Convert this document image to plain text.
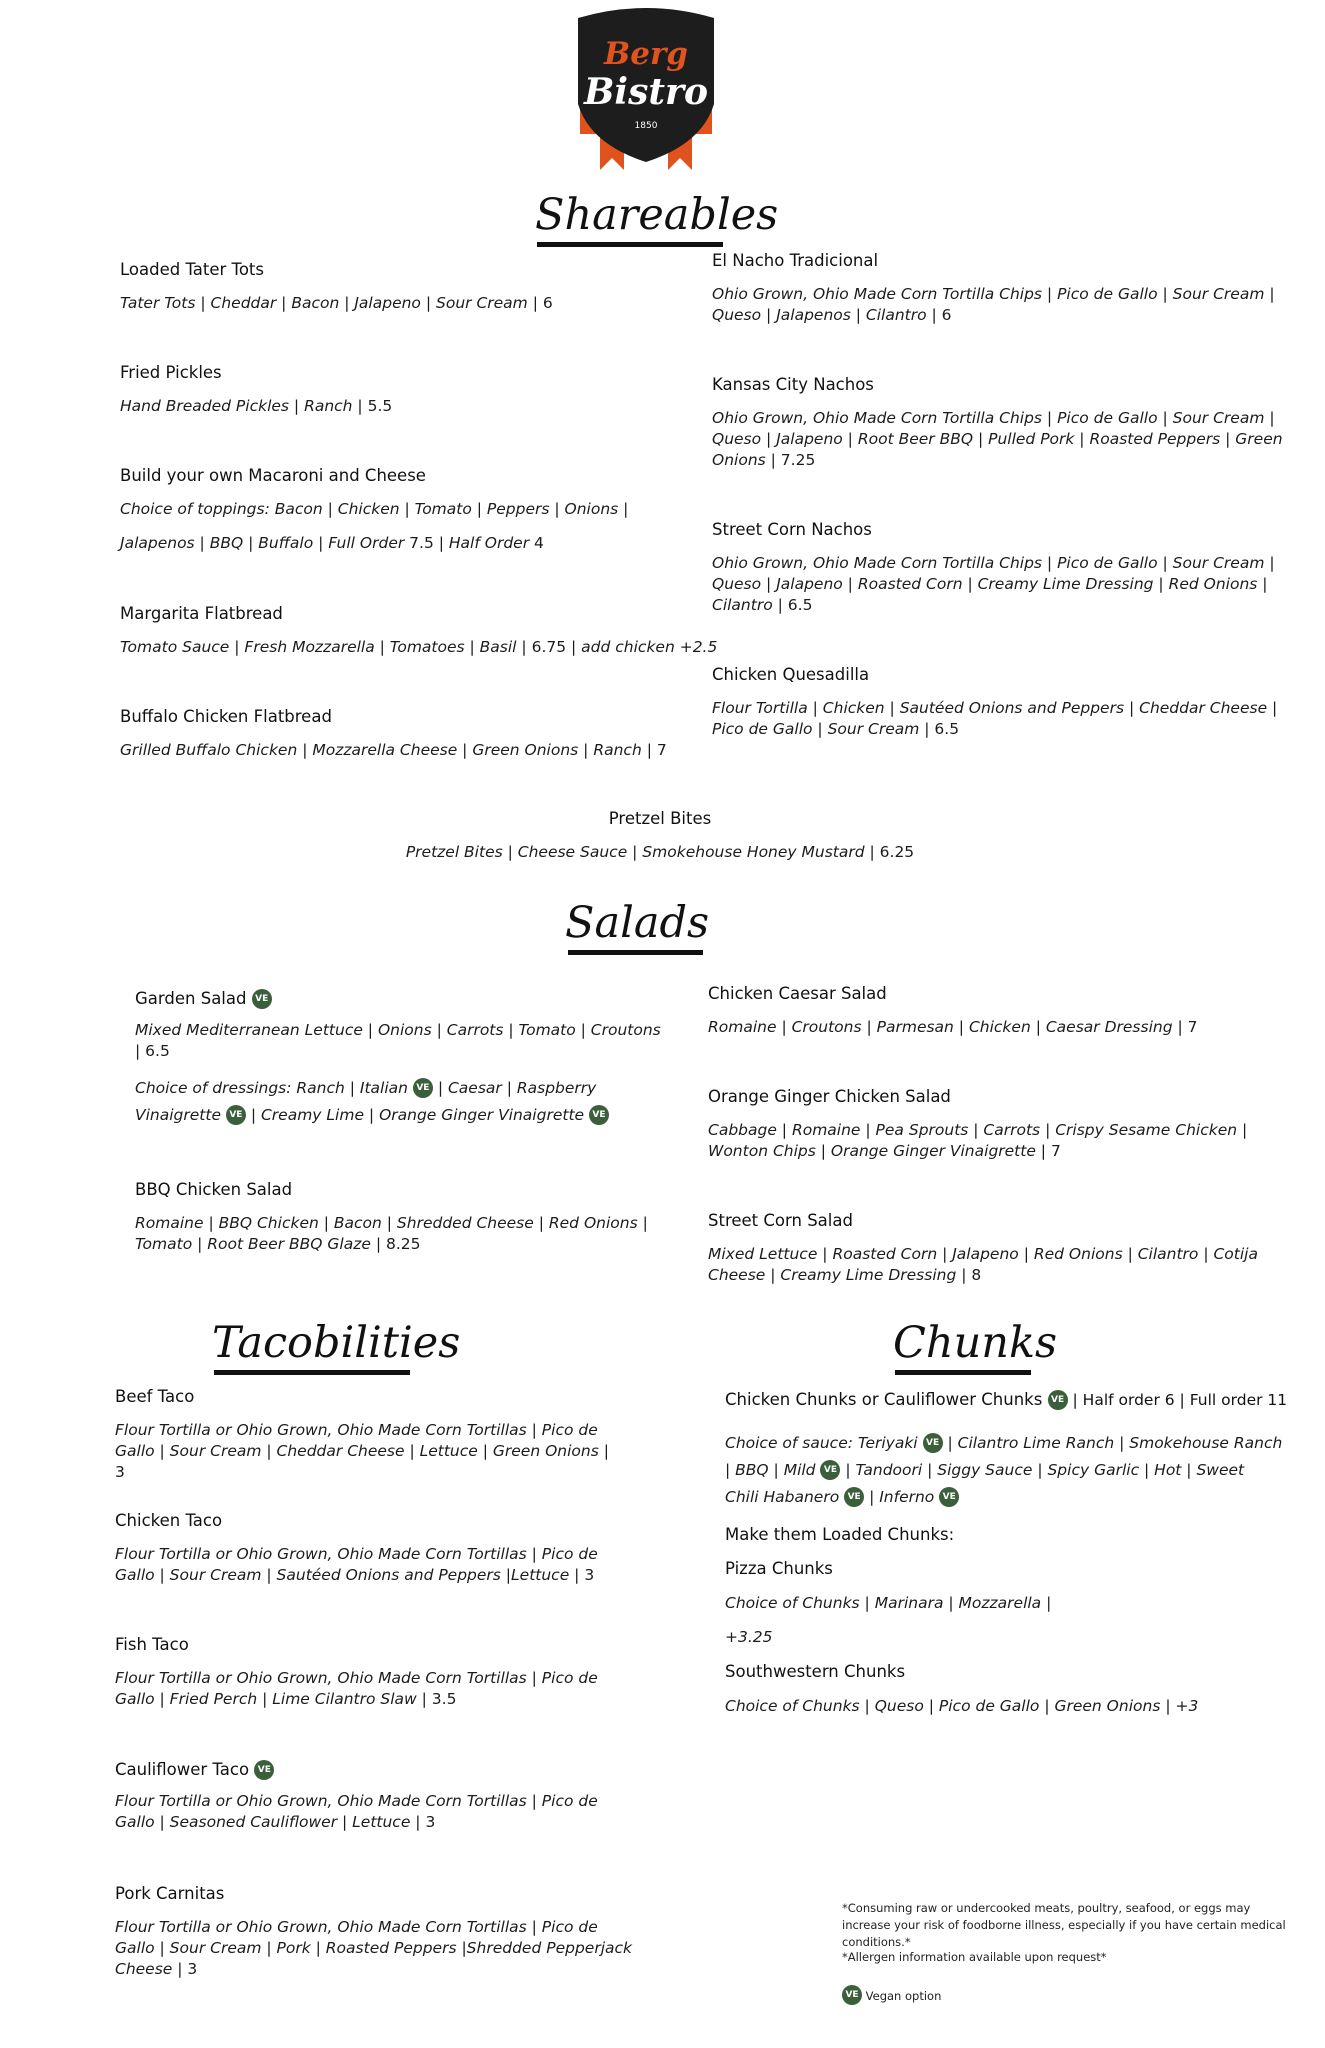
Berg
Bistro
1850
Shareables
Loaded Tater Tots
Tater Tots | Cheddar | Bacon | Jalapeno | Sour Cream | 6
Fried Pickles
Hand Breaded Pickles | Ranch | 5.5
Build your own Macaroni and Cheese
Choice of toppings: Bacon | Chicken | Tomato | Peppers | Onions |
Jalapenos | BBQ | Buffalo | Full Order 7.5 | Half Order 4
Margarita Flatbread
Tomato Sauce | Fresh Mozzarella | Tomatoes | Basil | 6.75 | add chicken +2.5
Buffalo Chicken Flatbread
Grilled Buffalo Chicken | Mozzarella Cheese | Green Onions | Ranch | 7
El Nacho Tradicional
Ohio Grown, Ohio Made Corn Tortilla Chips | Pico de Gallo | Sour Cream | Queso | Jalapenos | Cilantro | 6
Kansas City Nachos
Ohio Grown, Ohio Made Corn Tortilla Chips | Pico de Gallo | Sour Cream | Queso | Jalapeno | Root Beer BBQ | Pulled Pork | Roasted Peppers | Green Onions | 7.25
Street Corn Nachos
Ohio Grown, Ohio Made Corn Tortilla Chips | Pico de Gallo | Sour Cream | Queso | Jalapeno | Roasted Corn | Creamy Lime Dressing | Red Onions | Cilantro | 6.5
Chicken Quesadilla
Flour Tortilla | Chicken | Sautéed Onions and Peppers | Cheddar Cheese | Pico de Gallo | Sour Cream | 6.5
Pretzel Bites
Pretzel Bites | Cheese Sauce | Smokehouse Honey Mustard | 6.25
Salads
Garden Salad VE
Mixed Mediterranean Lettuce | Onions | Carrots | Tomato | Croutons | 6.5
Choice of dressings: Ranch | Italian VE | Caesar | Raspberry
Vinaigrette VE | Creamy Lime | Orange Ginger Vinaigrette VE
BBQ Chicken Salad
Romaine | BBQ Chicken | Bacon | Shredded Cheese | Red Onions | Tomato | Root Beer BBQ Glaze | 8.25
Chicken Caesar Salad
Romaine | Croutons | Parmesan | Chicken | Caesar Dressing | 7
Orange Ginger Chicken Salad
Cabbage | Romaine | Pea Sprouts | Carrots | Crispy Sesame Chicken | Wonton Chips | Orange Ginger Vinaigrette | 7
Street Corn Salad
Mixed Lettuce | Roasted Corn | Jalapeno | Red Onions | Cilantro | Cotija Cheese | Creamy Lime Dressing | 8
Tacobilities	Chunks
Beef Taco
Flour Tortilla or Ohio Grown, Ohio Made Corn Tortillas | Pico de Gallo | Sour Cream | Cheddar Cheese | Lettuce | Green Onions | 3
Chicken Taco
Flour Tortilla or Ohio Grown, Ohio Made Corn Tortillas | Pico de Gallo | Sour Cream | Sautéed Onions and Peppers |Lettuce | 3
Fish Taco
Flour Tortilla or Ohio Grown, Ohio Made Corn Tortillas | Pico de Gallo | Fried Perch | Lime Cilantro Slaw | 3.5
Cauliflower Taco VE
Flour Tortilla or Ohio Grown, Ohio Made Corn Tortillas | Pico de Gallo | Seasoned Cauliflower | Lettuce | 3
Pork Carnitas
Flour Tortilla or Ohio Grown, Ohio Made Corn Tortillas | Pico de Gallo | Sour Cream | Pork | Roasted Peppers |Shredded Pepperjack Cheese | 3
Chicken Chunks or Cauliflower Chunks VE | Half order 6 | Full order 11
Choice of sauce: Teriyaki VE | Cilantro Lime Ranch | Smokehouse Ranch
| BBQ | Mild VE | Tandoori | Siggy Sauce | Spicy Garlic | Hot | Sweet
Chili Habanero VE | Inferno VE
Make them Loaded Chunks:
Pizza Chunks
Choice of Chunks | Marinara | Mozzarella |
+3.25
Southwestern Chunks
Choice of Chunks | Queso | Pico de Gallo | Green Onions | +3
*Consuming raw or undercooked meats, poultry, seafood, or eggs may increase your risk of foodborne illness, especially if you have certain medical conditions.*
*Allergen information available upon request*
VE Vegan option
